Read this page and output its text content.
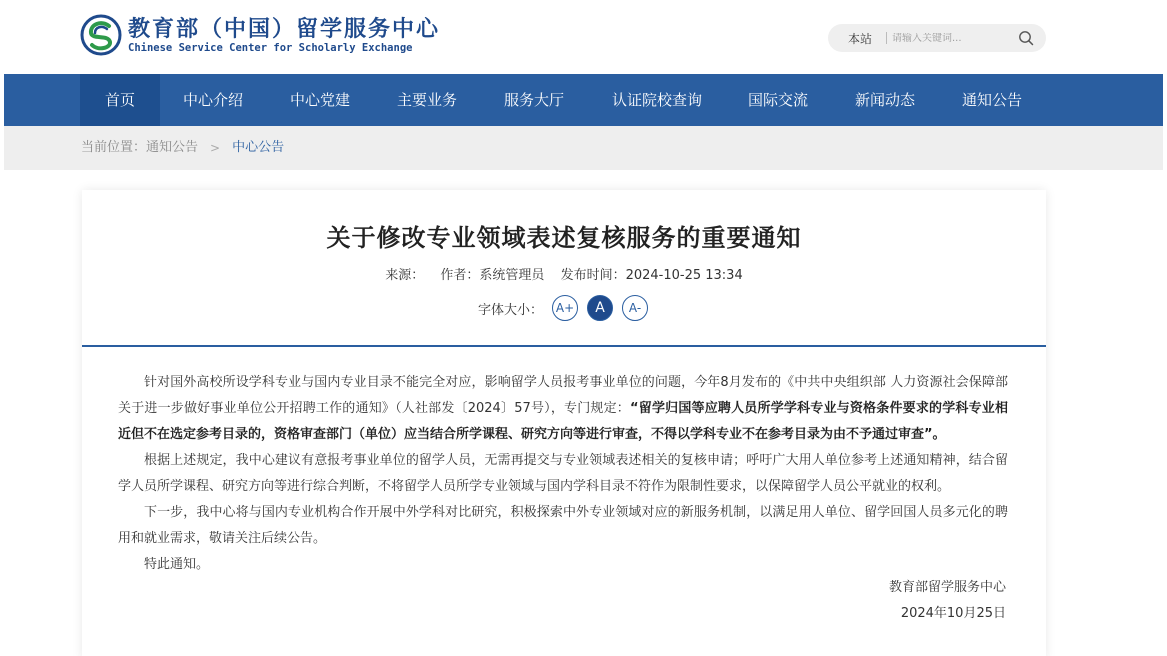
教育部（中国）留学服务中心
Chinese Service Center for Scholarly Exchange
本站
请输入关键词...
首页	中心介绍	中心党建	主要业务	服务大厅	认证院校查询	国际交流	新闻动态	通知公告
当前位置： 通知公告 > 中心公告
关于修改专业领域表述复核服务的重要通知
来源： 作者：系统管理员 发布时间：2024-10-25 13:34
字体大小：	A+	A	A-

针对国外高校所设学科专业与国内专业目录不能完全对应，影响留学人员报考事业单位的问题，今年8月发布的《中共中央组织部 人力资源社会保障部关于进一步做好事业单位公开招聘工作的通知》（人社部发〔2024〕57号），专门规定：“留学归国等应聘人员所学学科专业与资格条件要求的学科专业相近但不在选定参考目录的，资格审查部门（单位）应当结合所学课程、研究方向等进行审查，不得以学科专业不在参考目录为由不予通过审查”。

根据上述规定，我中心建议有意报考事业单位的留学人员，无需再提交与专业领域表述相关的复核申请；呼吁广大用人单位参考上述通知精神，结合留学人员所学课程、研究方向等进行综合判断，不将留学人员所学专业领域与国内学科目录不符作为限制性要求，以保障留学人员公平就业的权利。

下一步，我中心将与国内专业机构合作开展中外学科对比研究，积极探索中外专业领域对应的新服务机制，以满足用人单位、留学回国人员多元化的聘用和就业需求，敬请关注后续公告。

特此通知。

教育部留学服务中心
2024年10月25日
